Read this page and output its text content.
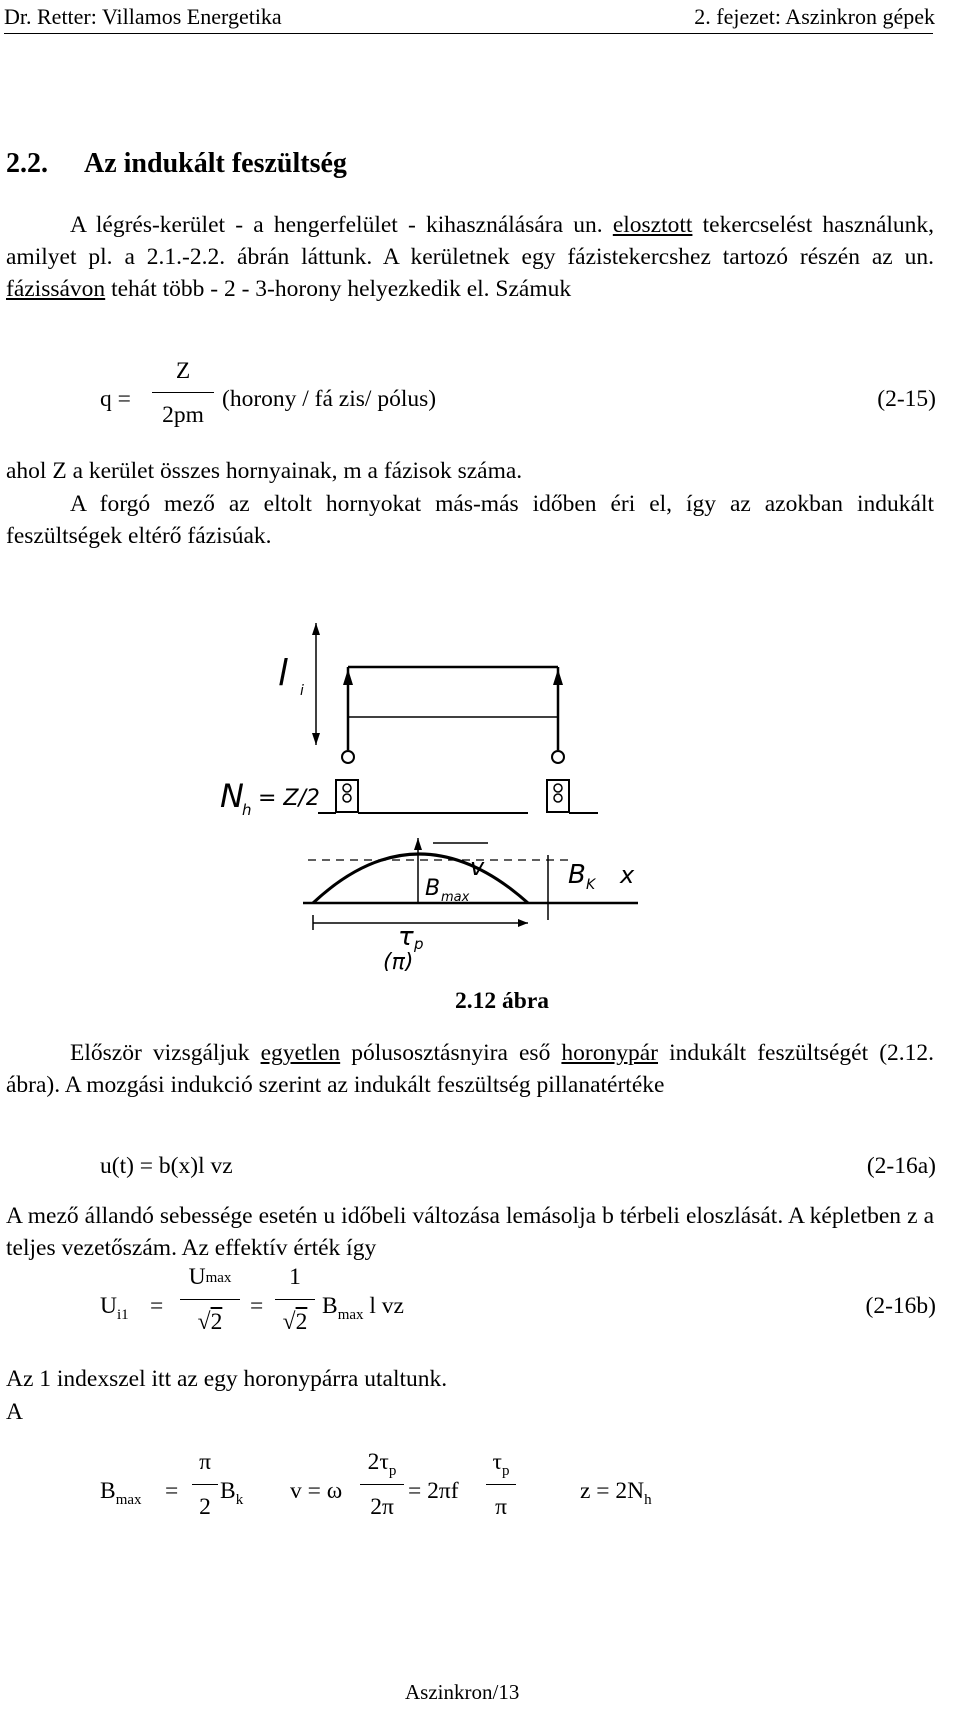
Dr. Retter: Villamos Energetika	2. fejezet: Aszinkron gépek
2.2. Az indukált feszültség
A légrés-kerület - a hengerfelület - kihasználására un. elosztott tekercselést használunk, amilyet pl. a 2.1.-2.2. ábrán láttunk. A kerületnek egy fázistekercshez tartozó részén az un. fázissávon tehát több - 2 - 3-horony helyezkedik el. Számuk
q =
Z
2pm
(horony / fá zis/ pólus)	(2-15)
ahol Z a kerület összes hornyainak, m a fázisok száma.
A forgó mező az eltolt hornyokat más-más időben éri el, így az azokban indukált feszültségek eltérő fázisúak.
l i
N
h = Z/2
v
B max
B K x
τ p
(π)
2.12 ábra
Először vizsgáljuk egyetlen pólusosztásnyira eső horonypár indukált feszültségét (2.12. ábra). A mozgási indukció szerint az indukált feszültség pillanatértéke
u(t) = b(x)l vz	(2-16a)
A mező állandó sebessége esetén u időbeli változása lemásolja b térbeli eloszlását. A képletben z a teljes vezetőszám. Az effektív érték így
$U_{i1}$ =
Umax
√2
=
1
√2
$B_{max}$ l vz	(2-16b)
Az 1 indexszel itt az egy horonypárra utaltunk.
A
$B_{max}$ =
π
2
$B_k$ v = ω
$2\tau_p$
2π
= 2πf
$\tau_p$
π
$z = 2N_h$
Aszinkron/13
